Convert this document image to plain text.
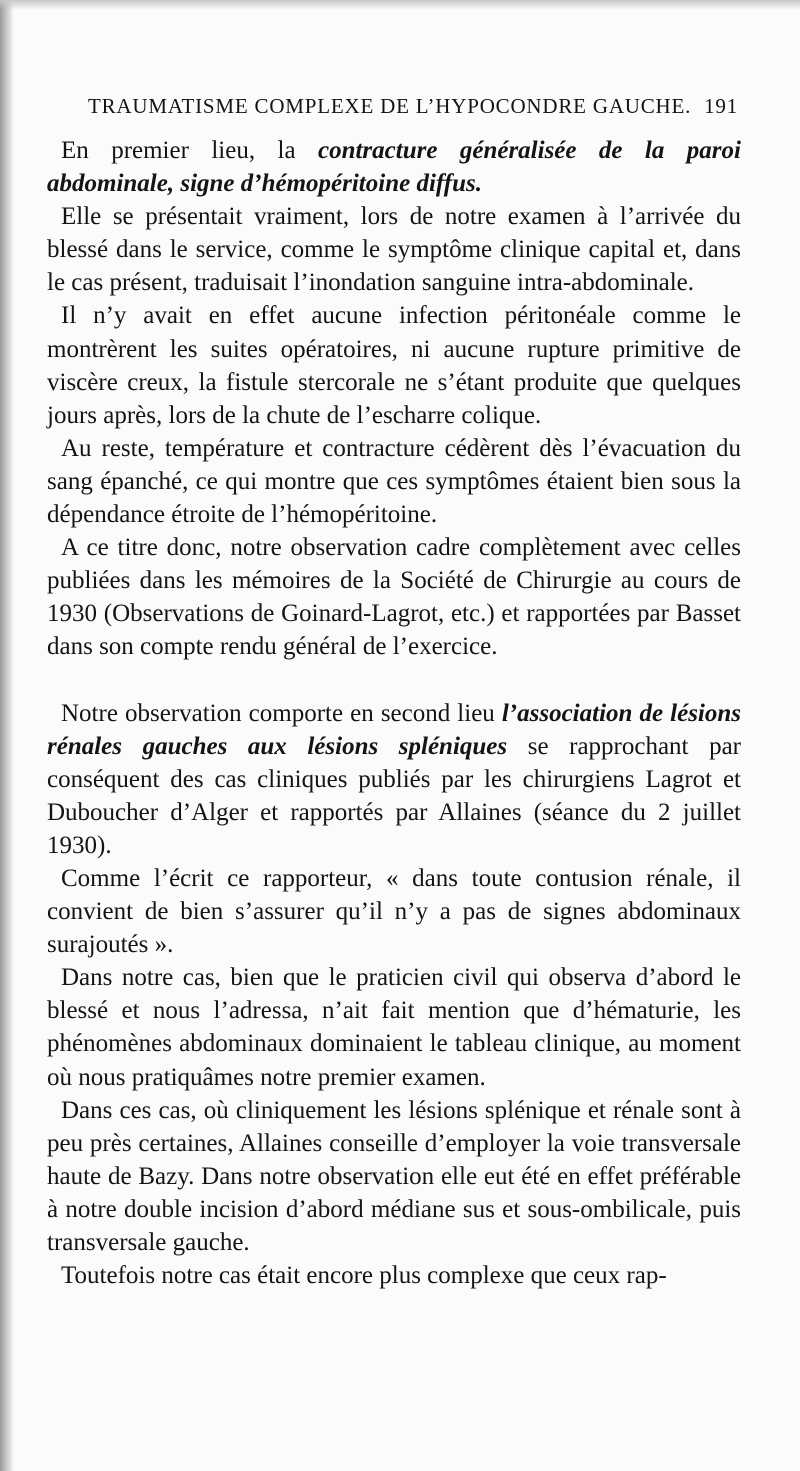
TRAUMATISME COMPLEXE DE L’HYPOCONDRE GAUCHE. 191

En premier lieu, la contracture généralisée de la paroi abdominale, signe d’hémopéritoine diffus.

Elle se présentait vraiment, lors de notre examen à l’arrivée du blessé dans le service, comme le symptôme clinique capital et, dans le cas présent, traduisait l’inondation sanguine intra-abdominale.

Il n’y avait en effet aucune infection péritonéale comme le montrèrent les suites opératoires, ni aucune rupture primitive de viscère creux, la fistule stercorale ne s’étant produite que quelques jours après, lors de la chute de l’escharre colique.

Au reste, température et contracture cédèrent dès l’évacuation du sang épanché, ce qui montre que ces symptômes étaient bien sous la dépendance étroite de l’hémopéritoine.

A ce titre donc, notre observation cadre complètement avec celles publiées dans les mémoires de la Société de Chirurgie au cours de 1930 (Observations de Goinard-Lagrot, etc.) et rapportées par Basset dans son compte rendu général de l’exercice.

Notre observation comporte en second lieu l’association de lésions rénales gauches aux lésions spléniques se rapprochant par conséquent des cas cliniques publiés par les chirurgiens Lagrot et Duboucher d’Alger et rapportés par Allaines (séance du 2 juillet 1930).

Comme l’écrit ce rapporteur, « dans toute contusion rénale, il convient de bien s’assurer qu’il n’y a pas de signes abdominaux surajoutés ».

Dans notre cas, bien que le praticien civil qui observa d’abord le blessé et nous l’adressa, n’ait fait mention que d’hématurie, les phénomènes abdominaux dominaient le tableau clinique, au moment où nous pratiquâmes notre premier examen.

Dans ces cas, où cliniquement les lésions splénique et rénale sont à peu près certaines, Allaines conseille d’employer la voie transversale haute de Bazy. Dans notre observation elle eut été en effet préférable à notre double incision d’abord médiane sus et sous-ombilicale, puis transversale gauche.

Toutefois notre cas était encore plus complexe que ceux rap-
